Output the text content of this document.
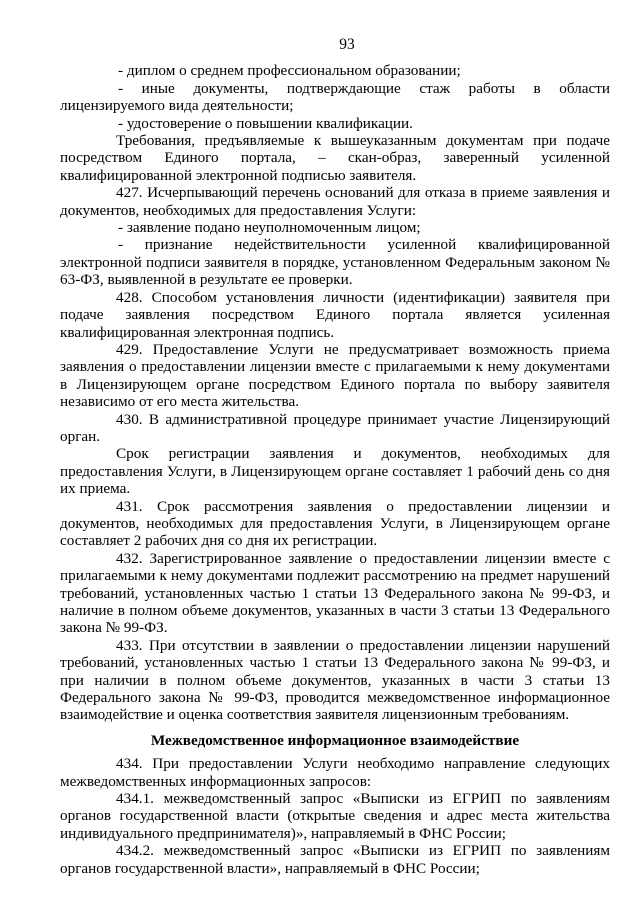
93

- диплом о среднем профессиональном образовании;

- иные документы, подтверждающие стаж работы в области лицензируемого вида деятельности;

- удостоверение о повышении квалификации.

Требования, предъявляемые к вышеуказанным документам при подаче посредством Единого портала, – скан-образ, заверенный усиленной квалифицированной электронной подписью заявителя.

427. Исчерпывающий перечень оснований для отказа в приеме заявления и документов, необходимых для предоставления Услуги:

- заявление подано неуполномоченным лицом;

- признание недействительности усиленной квалифицированной электронной подписи заявителя в порядке, установленном Федеральным законом № 63-ФЗ, выявленной в результате ее проверки.

428. Способом установления личности (идентификации) заявителя при подаче заявления посредством Единого портала является усиленная квалифицированная электронная подпись.

429. Предоставление Услуги не предусматривает возможность приема заявления о предоставлении лицензии вместе с прилагаемыми к нему документами в Лицензирующем органе посредством Единого портала по выбору заявителя независимо от его места жительства.

430. В административной процедуре принимает участие Лицензирующий орган.

Срок регистрации заявления и документов, необходимых для предоставления Услуги, в Лицензирующем органе составляет 1 рабочий день со дня их приема.

431. Срок рассмотрения заявления о предоставлении лицензии и документов, необходимых для предоставления Услуги, в Лицензирующем органе составляет 2 рабочих дня со дня их регистрации.

432. Зарегистрированное заявление о предоставлении лицензии вместе с прилагаемыми к нему документами подлежит рассмотрению на предмет нарушений требований, установленных частью 1 статьи 13 Федерального закона № 99-ФЗ, и наличие в полном объеме документов, указанных в части 3 статьи 13 Федерального закона № 99-ФЗ.

433. При отсутствии в заявлении о предоставлении лицензии нарушений требований, установленных частью 1 статьи 13 Федерального закона № 99-ФЗ, и при наличии в полном объеме документов, указанных в части 3 статьи 13 Федерального закона № 99-ФЗ, проводится межведомственное информационное взаимодействие и оценка соответствия заявителя лицензионным требованиям.

Межведомственное информационное взаимодействие

434. При предоставлении Услуги необходимо направление следующих межведомственных информационных запросов:

434.1. межведомственный запрос «Выписки из ЕГРИП по заявлениям органов государственной власти (открытые сведения и адрес места жительства индивидуального предпринимателя)», направляемый в ФНС России;

434.2. межведомственный запрос «Выписки из ЕГРИП по заявлениям органов государственной власти», направляемый в ФНС России;
